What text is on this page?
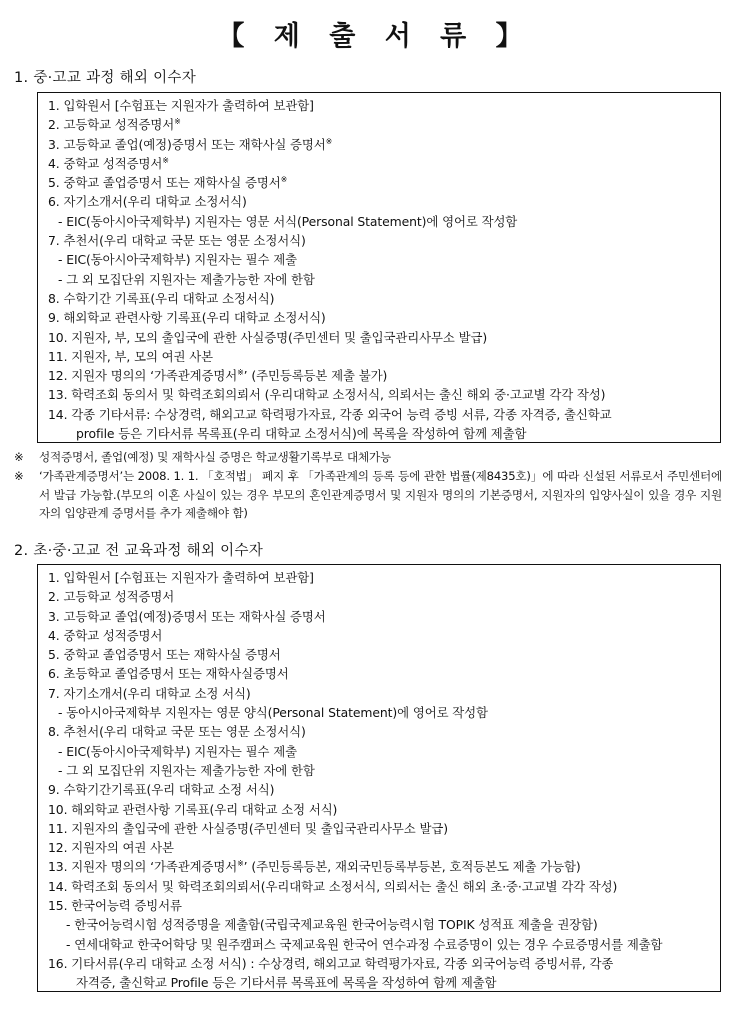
【 제 출 서 류 】
1. 중·고교 과정 해외 이수자
1. 입학원서 [수험표는 지원자가 출력하여 보관함]
2. 고등학교 성적증명서※
3. 고등학교 졸업(예정)증명서 또는 재학사실 증명서※
4. 중학교 성적증명서※
5. 중학교 졸업증명서 또는 재학사실 증명서※
6. 자기소개서(우리 대학교 소정서식)
- EIC(동아시아국제학부) 지원자는 영문 서식(Personal Statement)에 영어로 작성함
7. 추천서(우리 대학교 국문 또는 영문 소정서식)
- EIC(동아시아국제학부) 지원자는 필수 제출
- 그 외 모집단위 지원자는 제출가능한 자에 한함
8. 수학기간 기록표(우리 대학교 소정서식)
9. 해외학교 관련사항 기록표(우리 대학교 소정서식)
10. 지원자, 부, 모의 출입국에 관한 사실증명(주민센터 및 출입국관리사무소 발급)
11. 지원자, 부, 모의 여권 사본
12. 지원자 명의의 ‘가족관계증명서※’ (주민등록등본 제출 불가)
13. 학력조회 동의서 및 학력조회의뢰서 (우리대학교 소정서식, 의뢰서는 출신 해외 중·고교별 각각 작성)
14. 각종 기타서류: 수상경력, 해외고교 학력평가자료, 각종 외국어 능력 증빙 서류, 각종 자격증, 출신학교
profile 등은 기타서류 목록표(우리 대학교 소정서식)에 목록을 작성하여 함께 제출함
※	성적증명서, 졸업(예정) 및 재학사실 증명은 학교생활기록부로 대체가능
※	‘가족관계증명서’는 2008. 1. 1. 「호적법」 폐지 후 「가족관계의 등록 등에 관한 법률(제8435호)」에 따라 신설된 서류로서 주민센터에서 발급 가능함.(부모의 이혼 사실이 있는 경우 부모의 혼인관계증명서 및 지원자 명의의 기본증명서, 지원자의 입양사실이 있을 경우 지원자의 입양관계 증명서를 추가 제출해야 함)
2. 초·중·고교 전 교육과정 해외 이수자
1. 입학원서 [수험표는 지원자가 출력하여 보관함]
2. 고등학교 성적증명서
3. 고등학교 졸업(예정)증명서 또는 재학사실 증명서
4. 중학교 성적증명서
5. 중학교 졸업증명서 또는 재학사실 증명서
6. 초등학교 졸업증명서 또는 재학사실증명서
7. 자기소개서(우리 대학교 소정 서식)
- 동아시아국제학부 지원자는 영문 양식(Personal Statement)에 영어로 작성함
8. 추천서(우리 대학교 국문 또는 영문 소정서식)
- EIC(동아시아국제학부) 지원자는 필수 제출
- 그 외 모집단위 지원자는 제출가능한 자에 한함
9. 수학기간기록표(우리 대학교 소정 서식)
10. 해외학교 관련사항 기록표(우리 대학교 소정 서식)
11. 지원자의 출입국에 관한 사실증명(주민센터 및 출입국관리사무소 발급)
12. 지원자의 여권 사본
13. 지원자 명의의 ‘가족관계증명서※’ (주민등록등본, 재외국민등록부등본, 호적등본도 제출 가능함)
14. 학력조회 동의서 및 학력조회의뢰서(우리대학교 소정서식, 의뢰서는 출신 해외 초·중·고교별 각각 작성)
15. 한국어능력 증빙서류
- 한국어능력시험 성적증명을 제출함(국립국제교육원 한국어능력시험 TOPIK 성적표 제출을 권장함)
- 연세대학교 한국어학당 및 원주캠퍼스 국제교육원 한국어 연수과정 수료증명이 있는 경우 수료증명서를 제출함
16. 기타서류(우리 대학교 소정 서식) : 수상경력, 해외고교 학력평가자료, 각종 외국어능력 증빙서류, 각종
자격증, 출신학교 Profile 등은 기타서류 목록표에 목록을 작성하여 함께 제출함
